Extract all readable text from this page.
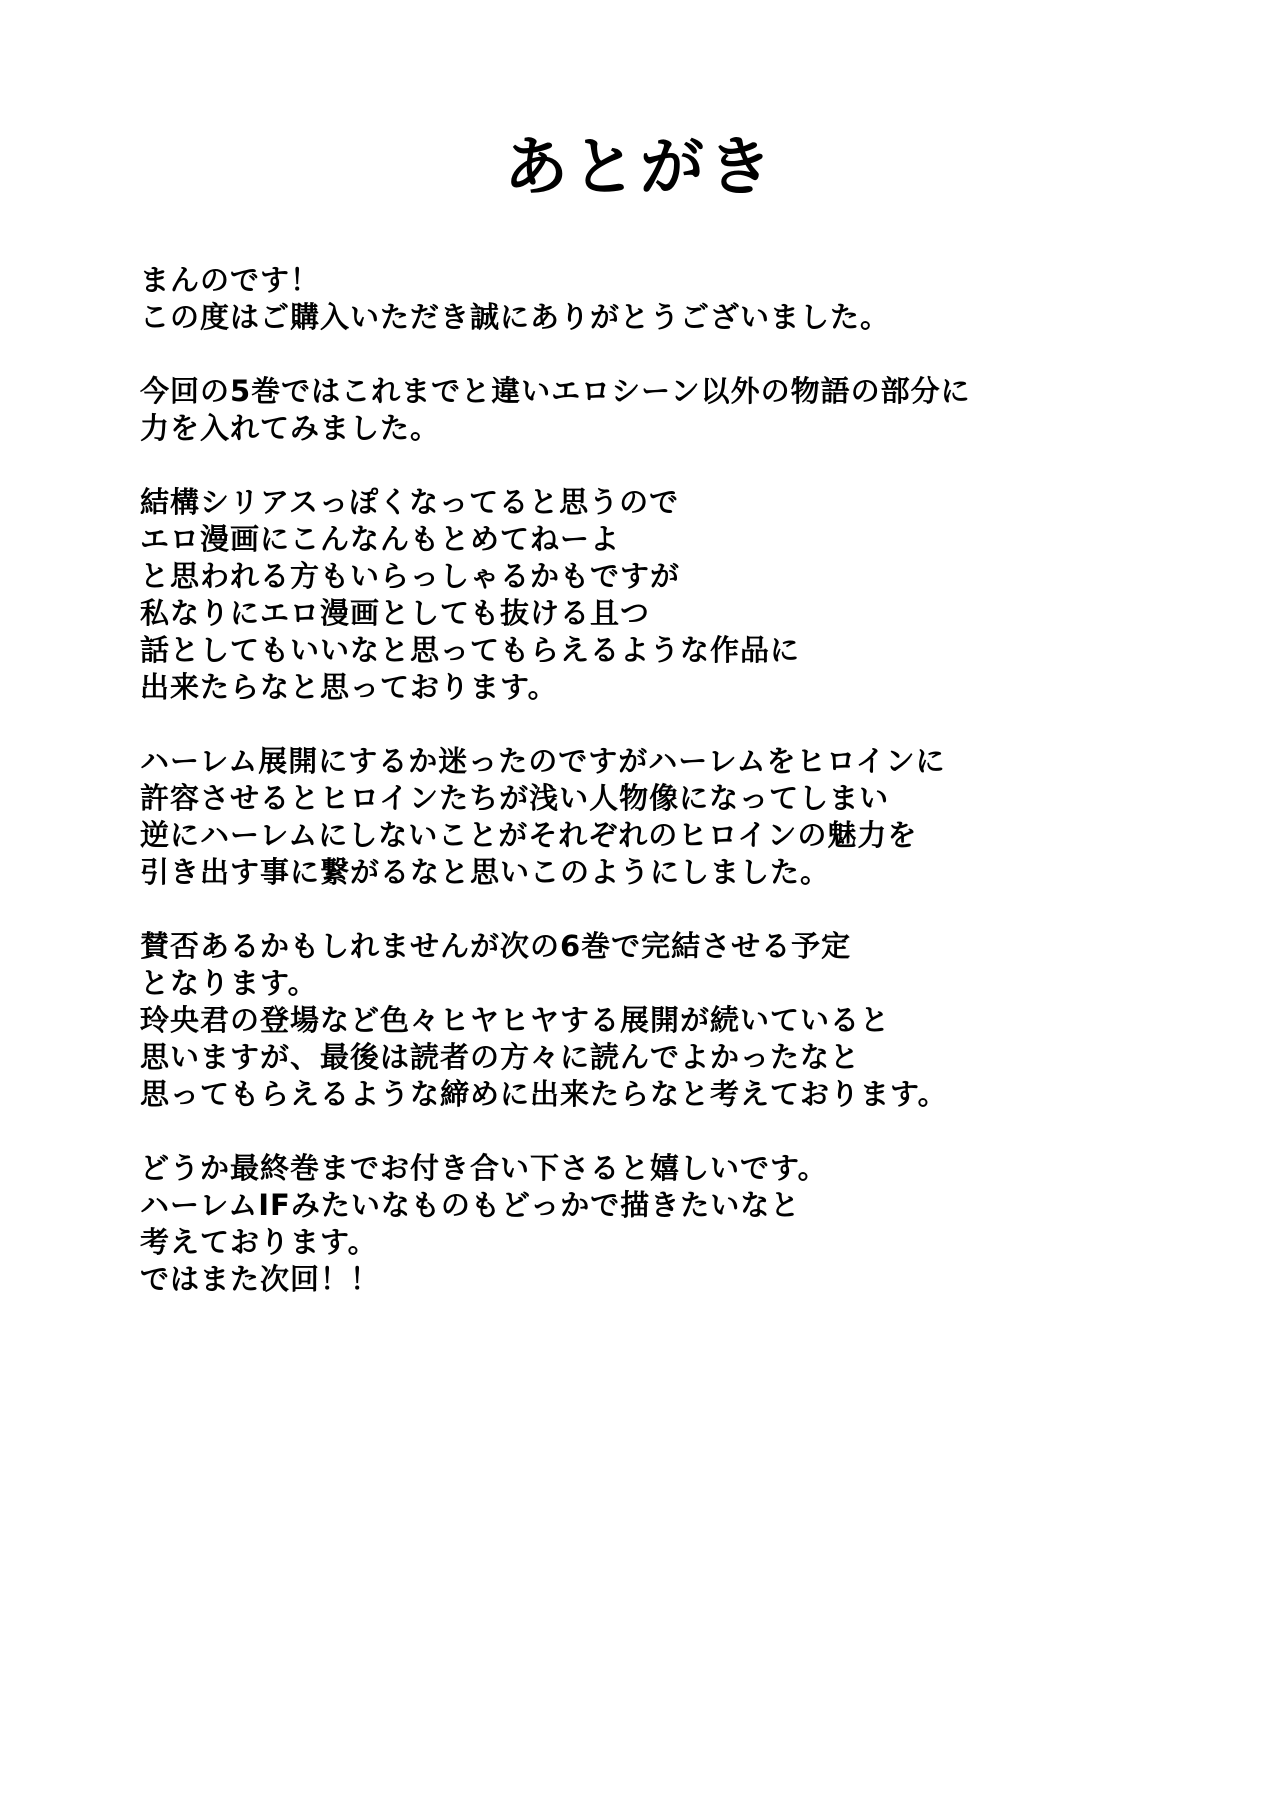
あとがき
まんのです！
この度はご購入いただき誠にありがとうございました。
今回の5巻ではこれまでと違いエロシーン以外の物語の部分に
力を入れてみました。
結構シリアスっぽくなってると思うので
エロ漫画にこんなんもとめてねーよ
と思われる方もいらっしゃるかもですが
私なりにエロ漫画としても抜ける且つ
話としてもいいなと思ってもらえるような作品に
出来たらなと思っております。
ハーレム展開にするか迷ったのですがハーレムをヒロインに
許容させるとヒロインたちが浅い人物像になってしまい
逆にハーレムにしないことがそれぞれのヒロインの魅力を
引き出す事に繋がるなと思いこのようにしました。
賛否あるかもしれませんが次の6巻で完結させる予定
となります。
玲央君の登場など色々ヒヤヒヤする展開が続いていると
思いますが、最後は読者の方々に読んでよかったなと
思ってもらえるような締めに出来たらなと考えております。
どうか最終巻までお付き合い下さると嬉しいです。
ハーレムIFみたいなものもどっかで描きたいなと
考えております。
ではまた次回！！
